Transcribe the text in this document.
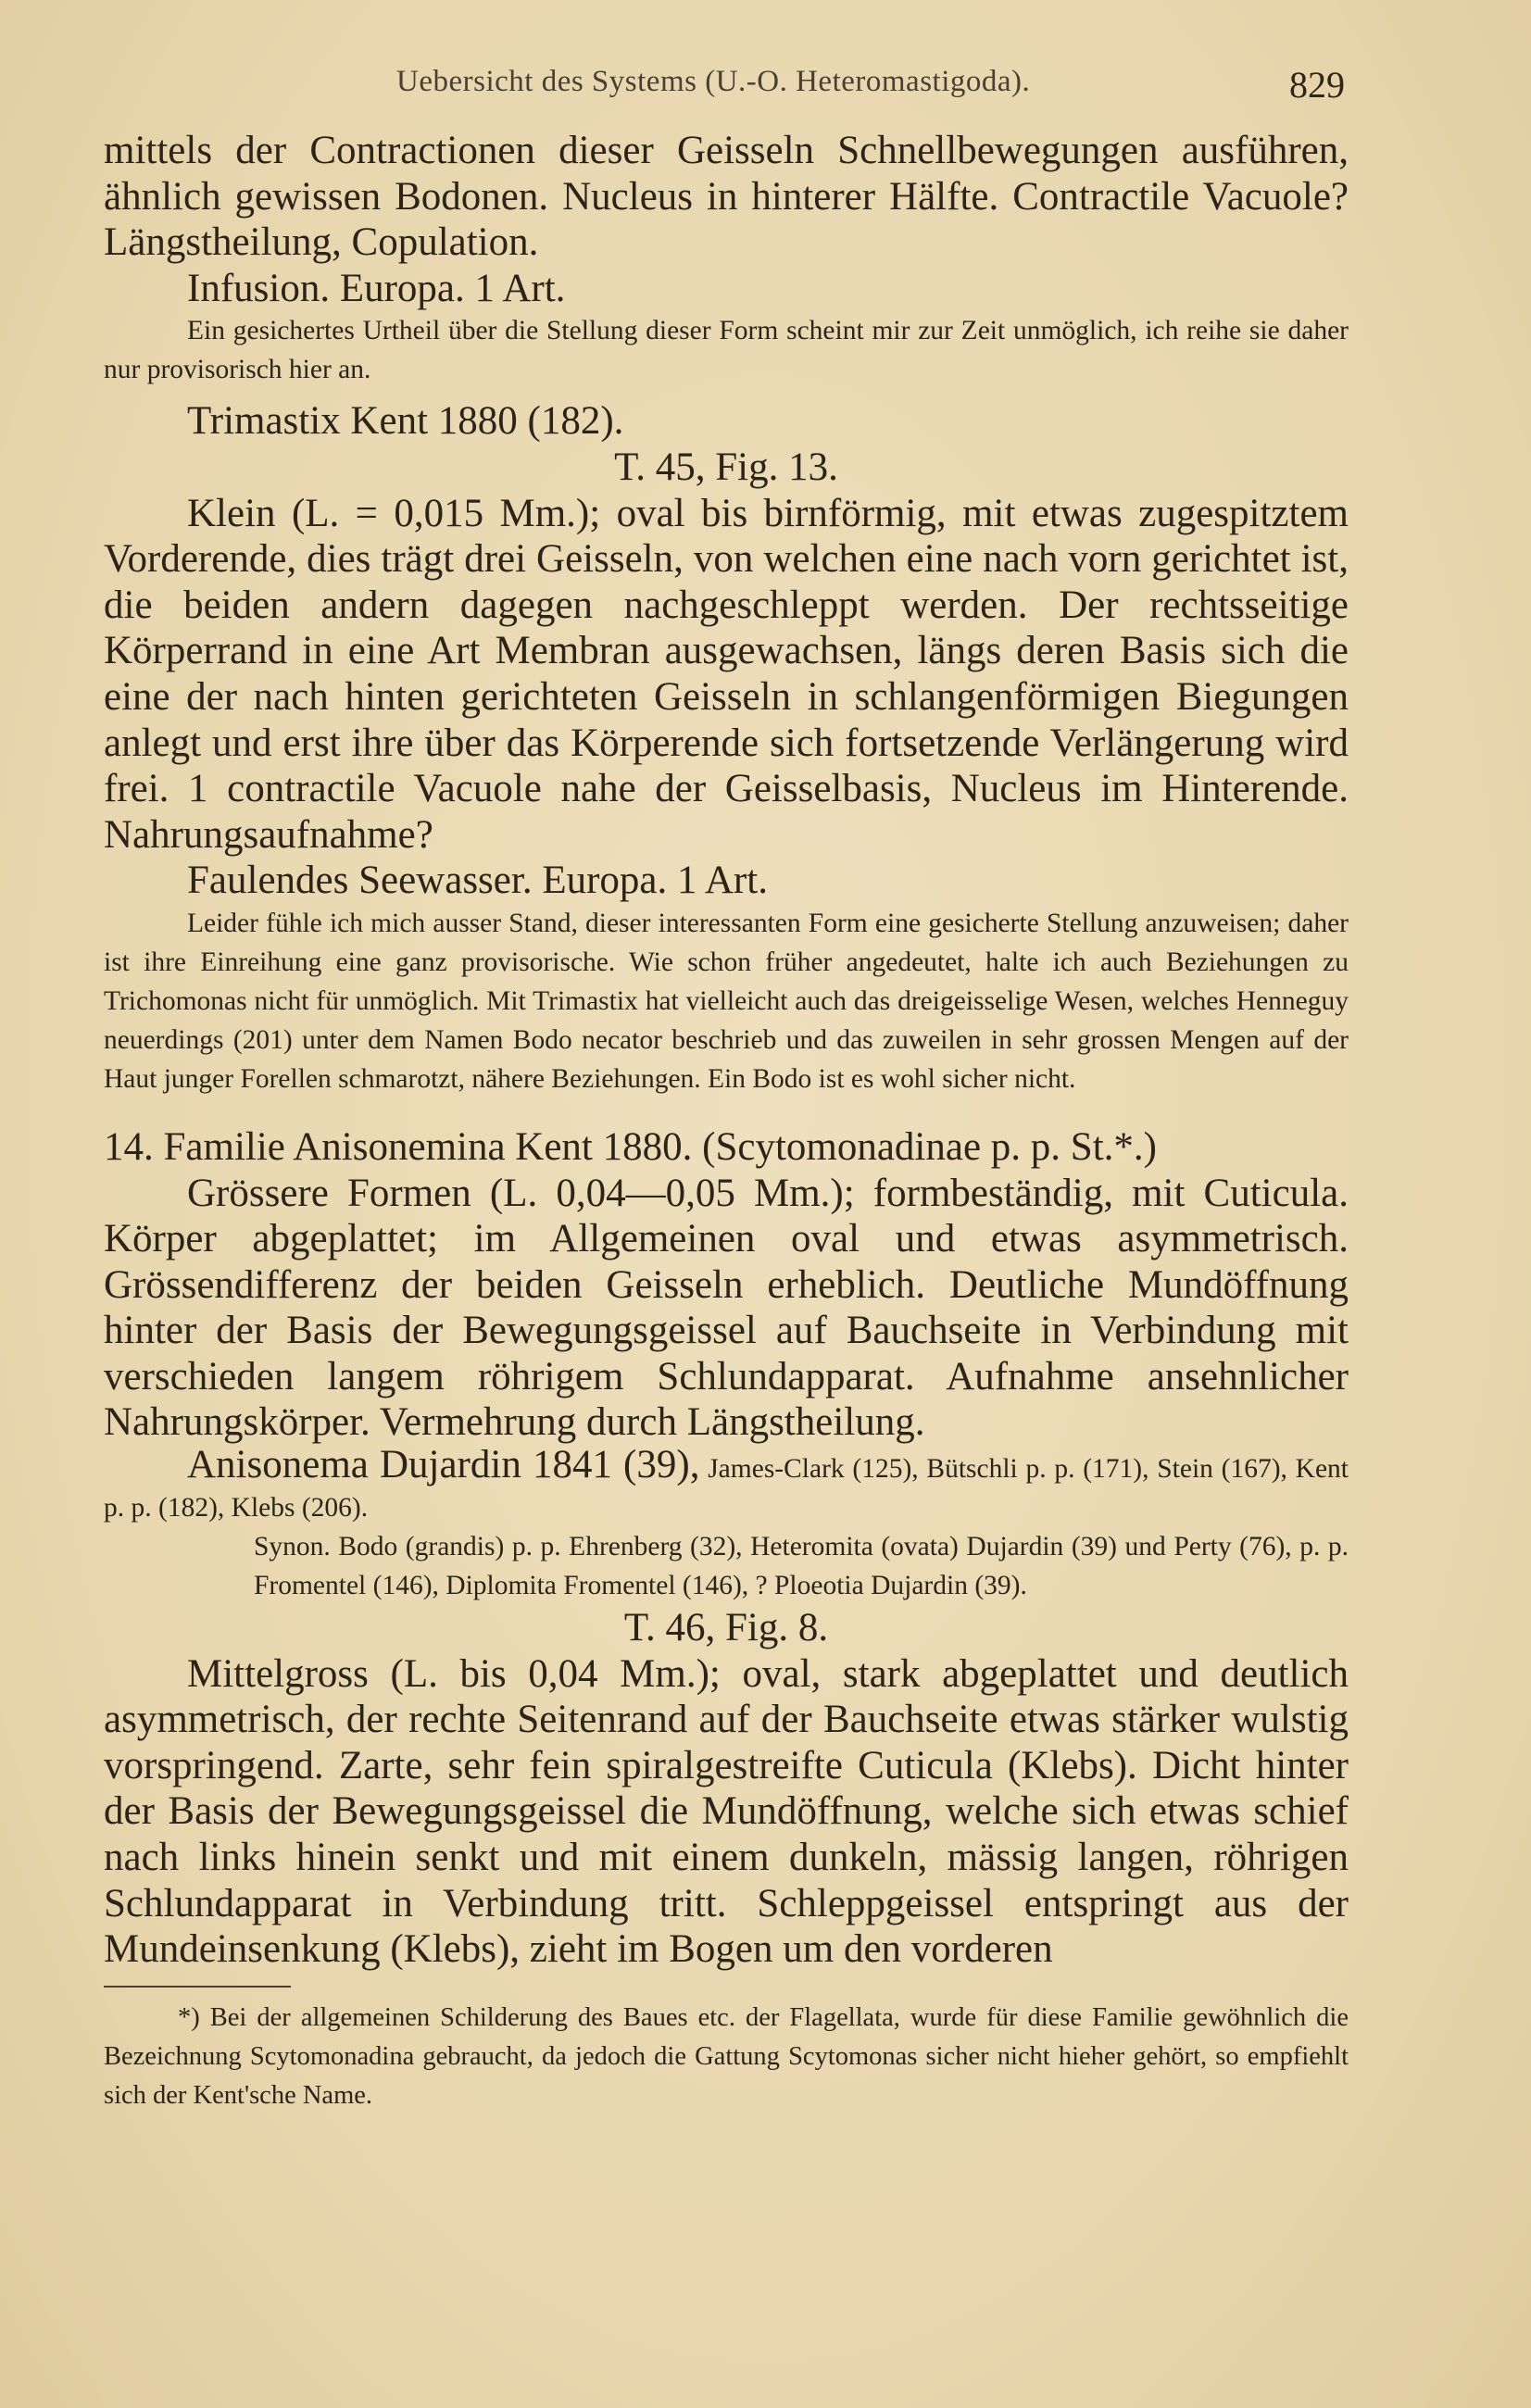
Uebersicht des Systems (U.-O. Heteromastigoda).	829

mittels der Contractionen dieser Geisseln Schnellbewegungen ausführen, ähnlich gewissen Bodonen. Nucleus in hinterer Hälfte. Contractile Vacuole? Längstheilung, Copulation.

Infusion. Europa. 1 Art.

Ein gesichertes Urtheil über die Stellung dieser Form scheint mir zur Zeit unmöglich, ich reihe sie daher nur provisorisch hier an.

Trimastix Kent 1880 (182).

T. 45, Fig. 13.

Klein (L. = 0,015 Mm.); oval bis birnförmig, mit etwas zugespitztem Vorderende, dies trägt drei Geisseln, von welchen eine nach vorn gerichtet ist, die beiden andern dagegen nachgeschleppt werden. Der rechtsseitige Körperrand in eine Art Membran ausgewachsen, längs deren Basis sich die eine der nach hinten gerichteten Geisseln in schlangenförmigen Biegungen anlegt und erst ihre über das Körperende sich fortsetzende Verlängerung wird frei. 1 contractile Vacuole nahe der Geisselbasis, Nucleus im Hinterende. Nahrungsaufnahme?

Faulendes Seewasser. Europa. 1 Art.

Leider fühle ich mich ausser Stand, dieser interessanten Form eine gesicherte Stellung anzuweisen; daher ist ihre Einreihung eine ganz provisorische. Wie schon früher angedeutet, halte ich auch Beziehungen zu Trichomonas nicht für unmöglich. Mit Trimastix hat vielleicht auch das dreigeisselige Wesen, welches Henneguy neuerdings (201) unter dem Namen Bodo necator beschrieb und das zuweilen in sehr grossen Mengen auf der Haut junger Forellen schmarotzt, nähere Beziehungen. Ein Bodo ist es wohl sicher nicht.

14. Familie Anisonemina Kent 1880. (Scytomonadinae p. p. St.*.)

Grössere Formen (L. 0,04—0,05 Mm.); formbeständig, mit Cuticula. Körper abgeplattet; im Allgemeinen oval und etwas asymmetrisch. Grössendifferenz der beiden Geisseln erheblich. Deutliche Mundöffnung hinter der Basis der Bewegungsgeissel auf Bauchseite in Verbindung mit verschieden langem röhrigem Schlundapparat. Aufnahme ansehnlicher Nahrungskörper. Vermehrung durch Längstheilung.

Anisonema Dujardin 1841 (39), James-Clark (125), Bütschli p. p. (171), Stein (167), Kent p. p. (182), Klebs (206).

Synon. Bodo (grandis) p. p. Ehrenberg (32), Heteromita (ovata) Dujardin (39) und Perty (76), p. p. Fromentel (146), Diplomita Fromentel (146), ? Ploeotia Dujardin (39).

T. 46, Fig. 8.

Mittelgross (L. bis 0,04 Mm.); oval, stark abgeplattet und deutlich asymmetrisch, der rechte Seitenrand auf der Bauchseite etwas stärker wulstig vorspringend. Zarte, sehr fein spiralgestreifte Cuticula (Klebs). Dicht hinter der Basis der Bewegungsgeissel die Mundöffnung, welche sich etwas schief nach links hinein senkt und mit einem dunkeln, mässig langen, röhrigen Schlundapparat in Verbindung tritt. Schleppgeissel entspringt aus der Mundeinsenkung (Klebs), zieht im Bogen um den vorderen

*) Bei der allgemeinen Schilderung des Baues etc. der Flagellata, wurde für diese Familie gewöhnlich die Bezeichnung Scytomonadina gebraucht, da jedoch die Gattung Scytomonas sicher nicht hieher gehört, so empfiehlt sich der Kent'sche Name.
